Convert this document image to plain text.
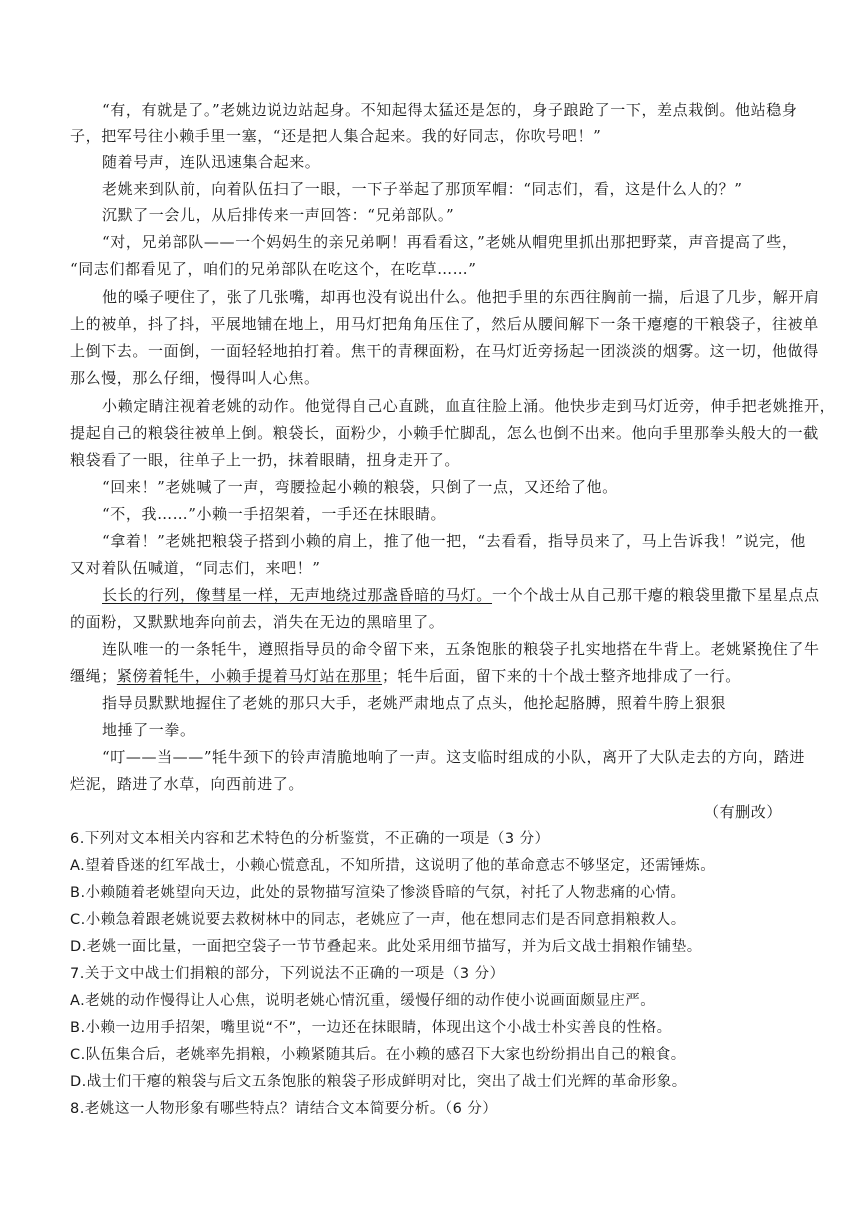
“有，有就是了。”老姚边说边站起身。不知起得太猛还是怎的，身子踉跄了一下，差点栽倒。他站稳身
子，把军号往小赖手里一塞，“还是把人集合起来。我的好同志，你吹号吧！”
随着号声，连队迅速集合起来。
老姚来到队前，向着队伍扫了一眼，一下子举起了那顶军帽：“同志们，看，这是什么人的？”
沉默了一会儿，从后排传来一声回答：“兄弟部队。”
“对，兄弟部队——一个妈妈生的亲兄弟啊！再看看这，”老姚从帽兜里抓出那把野菜，声音提高了些，
“同志们都看见了，咱们的兄弟部队在吃这个，在吃草……”
他的嗓子哽住了，张了几张嘴，却再也没有说出什么。他把手里的东西往胸前一揣，后退了几步，解开肩
上的被单，抖了抖，平展地铺在地上，用马灯把角角压住了，然后从腰间解下一条干瘪瘪的干粮袋子，往被单
上倒下去。一面倒，一面轻轻地拍打着。焦干的青稞面粉，在马灯近旁扬起一团淡淡的烟雾。这一切，他做得
那么慢，那么仔细，慢得叫人心焦。
小赖定睛注视着老姚的动作。他觉得自己心直跳，血直往脸上涌。他快步走到马灯近旁，伸手把老姚推开，
提起自己的粮袋往被单上倒。粮袋长，面粉少，小赖手忙脚乱，怎么也倒不出来。他向手里那拳头般大的一截
粮袋看了一眼，往单子上一扔，抹着眼睛，扭身走开了。
“回来！”老姚喊了一声，弯腰捡起小赖的粮袋，只倒了一点，又还给了他。
“不，我……”小赖一手招架着，一手还在抹眼睛。
“拿着！”老姚把粮袋子搭到小赖的肩上，推了他一把，“去看看，指导员来了，马上告诉我！”说完，他
又对着队伍喊道，“同志们，来吧！”
长长的行列，像彗星一样，无声地绕过那盏昏暗的马灯。一个个战士从自己那干瘪的粮袋里撒下星星点点
的面粉，又默默地奔向前去，消失在无边的黑暗里了。
连队唯一的一条牦牛，遵照指导员的命令留下来，五条饱胀的粮袋子扎实地搭在牛背上。老姚紧挽住了牛
缰绳；紧傍着牦牛，小赖手提着马灯站在那里；牦牛后面，留下来的十个战士整齐地排成了一行。
指导员默默地握住了老姚的那只大手，老姚严肃地点了点头，他抡起胳膊，照着牛胯上狠狠
地捶了一拳。
“叮——当——”牦牛颈下的铃声清脆地响了一声。这支临时组成的小队，离开了大队走去的方向，踏进
烂泥，踏进了水草，向西前进了。
（有删改）
6.下列对文本相关内容和艺术特色的分析鉴赏，不正确的一项是（3 分）
A.望着昏迷的红军战士，小赖心慌意乱，不知所措，这说明了他的革命意志不够坚定，还需锤炼。
B.小赖随着老姚望向天边，此处的景物描写渲染了惨淡昏暗的气氛，衬托了人物悲痛的心情。
C.小赖急着跟老姚说要去救树林中的同志，老姚应了一声，他在想同志们是否同意捐粮救人。
D.老姚一面比量，一面把空袋子一节节叠起来。此处采用细节描写，并为后文战士捐粮作铺垫。
7.关于文中战士们捐粮的部分，下列说法不正确的一项是（3 分）
A.老姚的动作慢得让人心焦，说明老姚心情沉重，缓慢仔细的动作使小说画面颇显庄严。
B.小赖一边用手招架，嘴里说“不”，一边还在抹眼睛，体现出这个小战士朴实善良的性格。
C.队伍集合后，老姚率先捐粮，小赖紧随其后。在小赖的感召下大家也纷纷捐出自己的粮食。
D.战士们干瘪的粮袋与后文五条饱胀的粮袋子形成鲜明对比，突出了战士们光辉的革命形象。
8.老姚这一人物形象有哪些特点？请结合文本简要分析。（6 分）
